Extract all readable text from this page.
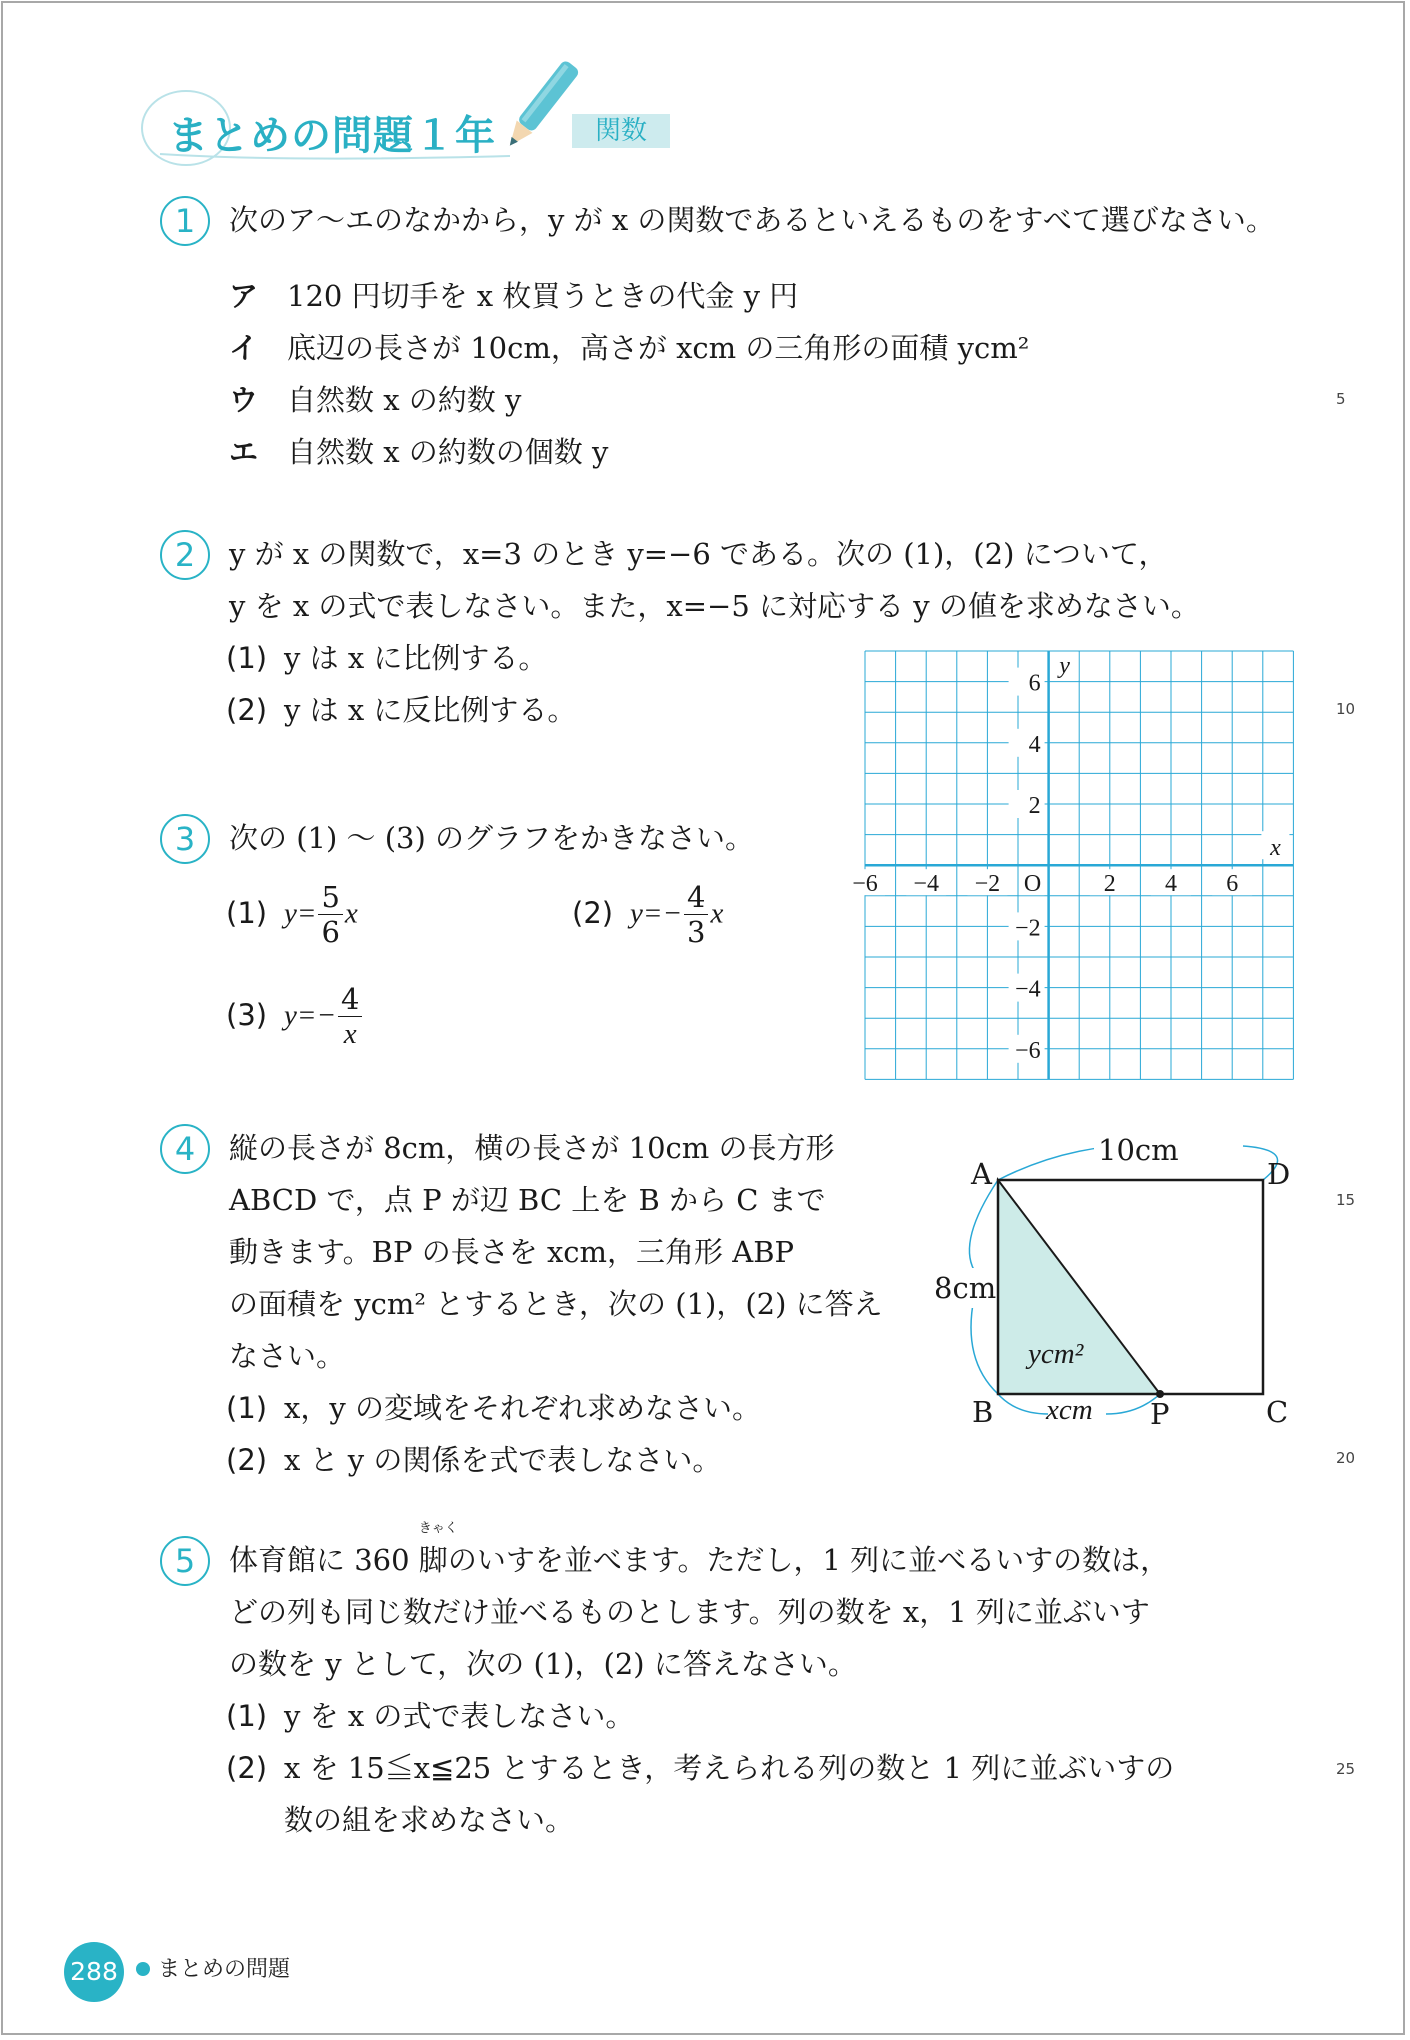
まとめの問題１年	関数
1	次のア〜エのなかから，y が x の関数であるといえるものをすべて選びなさい。
ア 120 円切手を x 枚買うときの代金 y 円
イ 底辺の長さが 10cm，高さが xcm の三角形の面積 ycm²
ウ 自然数 x の約数 y
エ 自然数 x の約数の個数 y
2	y が x の関数で，x=3 のとき y=−6 である。次の (1)，(2) について，
y を x の式で表しなさい。また，x=−5 に対応する y の値を求めなさい。
(1) y は x に比例する。
(2) y は x に反比例する。
3	次の (1) 〜 (3) のグラフをかきなさい。
(1) $y= \frac{5}{6}$ x	(2) $y=- \frac{4}{3}$ x
(3) $y=- \frac{4}{x}$
−6 −4 −2	2 4 6
6
4
2
−2
−4
−6
O
x
y
4	縦の長さが 8cm，横の長さが 10cm の長方形
ABCD で，点 P が辺 BC 上を B から C まで
動きます。BP の長さを xcm，三角形 ABP
の面積を ycm² とするとき，次の (1)，(2) に答え
なさい。
(1) x，y の変域をそれぞれ求めなさい。
(2) x と y の関係を式で表しなさい。
A	D
B	C
P
10cm
8cm
xcm
ycm²
5	体育館に 360
きゃく
脚のいすを並べます。ただし，1 列に並べるいすの数は，
どの列も同じ数だけ並べるものとします。列の数を x，1 列に並ぶいす
の数を y として，次の (1)，(2) に答えなさい。
(1) y を x の式で表しなさい。
(2) x を 15≦x≦25 とするとき，考えられる列の数と 1 列に並ぶいすの
数の組を求めなさい。
5
10
15
20
25
288 まとめの問題
